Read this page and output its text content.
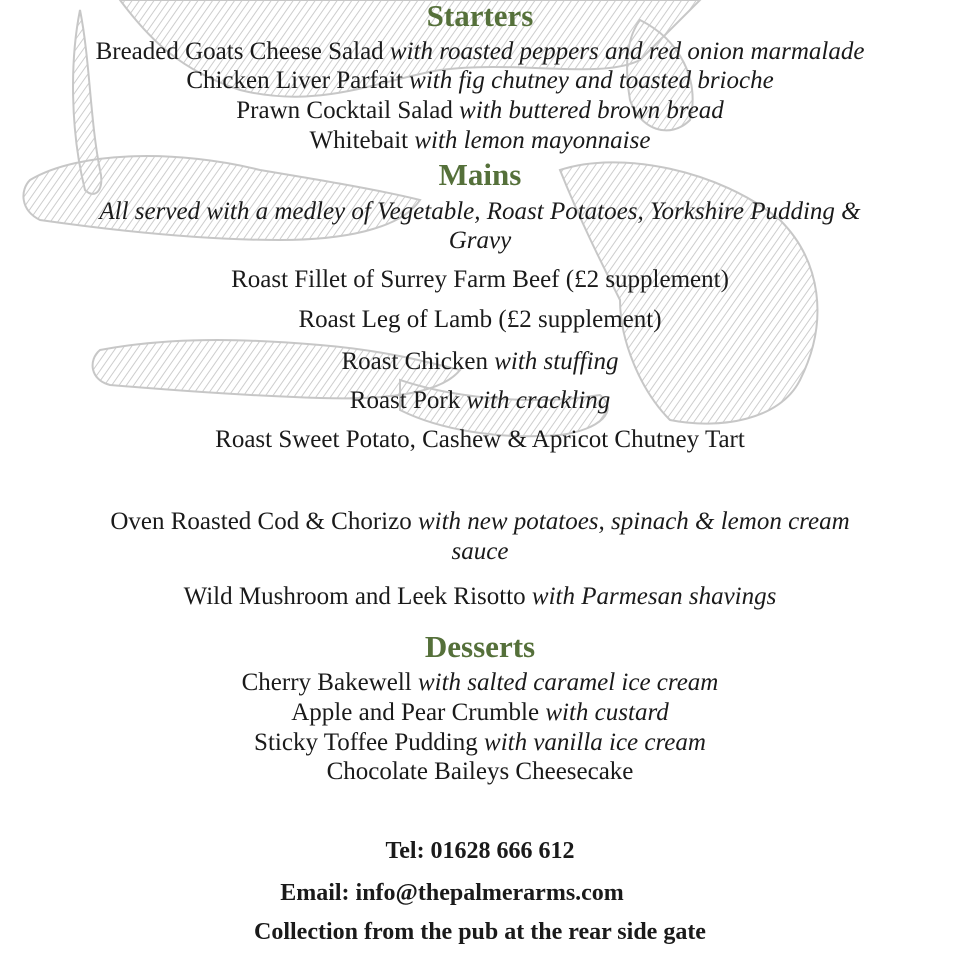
Starters
Breaded Goats Cheese Salad with roasted peppers and red onion marmalade
Chicken Liver Parfait with fig chutney and toasted brioche
Prawn Cocktail Salad with buttered brown bread
Whitebait with lemon mayonnaise
Mains
All served with a medley of Vegetable, Roast Potatoes, Yorkshire Pudding &
Gravy
Roast Fillet of Surrey Farm Beef (£2 supplement)
Roast Leg of Lamb (£2 supplement)
Roast Chicken with stuffing
Roast Pork with crackling
Roast Sweet Potato, Cashew & Apricot Chutney Tart
Oven Roasted Cod & Chorizo with new potatoes, spinach & lemon cream
sauce
Wild Mushroom and Leek Risotto with Parmesan shavings
Desserts
Cherry Bakewell with salted caramel ice cream
Apple and Pear Crumble with custard
Sticky Toffee Pudding with vanilla ice cream
Chocolate Baileys Cheesecake
Tel: 01628 666 612
Email: info@thepalmerarms.com
Collection from the pub at the rear side gate
